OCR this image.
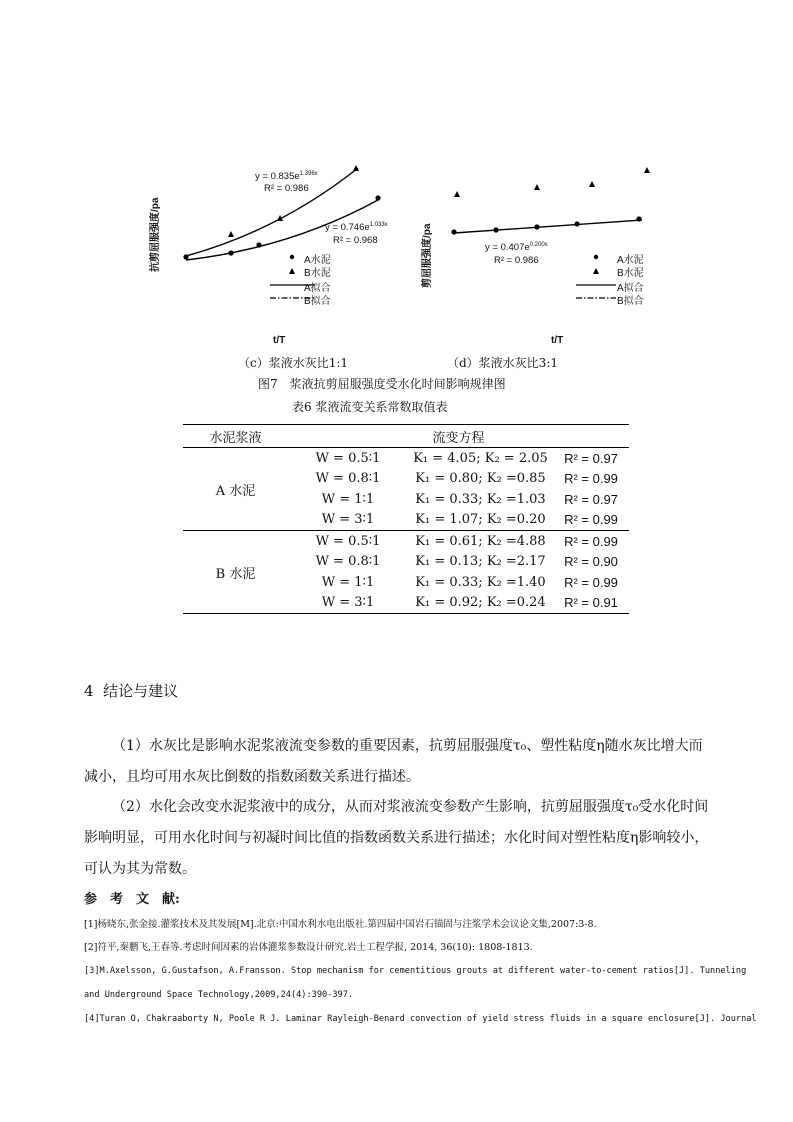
抗剪屈服强度/pa
$y = 0.835e^{1.396x}$
R² = 0.986
$y = 0.746e^{1.033x}$
R² = 0.968
A水泥
B水泥
A拟合
B拟合
t/T
（c）浆液水灰比1:1
剪屈服强度/pa	$y = 0.407e^{0.200x}$
R² = 0.986	A水泥
B水泥
A拟合
B拟合
t/T
（d）浆液水灰比3:1
图7　浆液抗剪屈服强度受水化时间影响规律图
表6 浆液流变关系常数取值表
水泥浆液	流变方程		
A 水泥	W = 0.5∶1	K₁ = 4.05; K₂ = 2.05	R² = 0.97
	W = 0.8∶1	K₁ = 0.80; K₂ =0.85	R² = 0.99
	W = 1∶1	K₁ = 0.33; K₂ =1.03	R² = 0.97
	W = 3∶1	K₁ = 1.07; K₂ =0.20	R² = 0.99
B 水泥	W = 0.5∶1	K₁ = 0.61; K₂ =4.88	R² = 0.99
	W = 0.8∶1	K₁ = 0.13; K₂ =2.17	R² = 0.90
	W = 1∶1	K₁ = 0.33; K₂ =1.40	R² = 0.99
	W = 3∶1	K₁ = 0.92; K₂ =0.24	R² = 0.91
4  结论与建议
（1）水灰比是影响水泥浆液流变参数的重要因素，抗剪屈服强度τ₀、塑性粘度η随水灰比增大而减小，且均可用水灰比倒数的指数函数关系进行描述。
（2）水化会改变水泥浆液中的成分，从而对浆液流变参数产生影响，抗剪屈服强度τ₀受水化时间影响明显，可用水化时间与初凝时间比值的指数函数关系进行描述；水化时间对塑性粘度η影响较小，可认为其为常数。
参　考　文　献:
[1]杨晓东,张金接.灌浆技术及其发展[M].北京:中国水利水电出版社.第四届中国岩石锚固与注浆学术会议论文集,2007:3-8.
[2]符平,秦鹏飞,王春等.考虑时间因素的岩体灌浆参数设计研究.岩土工程学报, 2014, 36(10): 1808-1813.
[3]M.Axelsson, G.Gustafson, A.Fransson. Stop mechanism for cementitious grouts at different water-to-cement ratios[J]. Tunneling
and Underground Space Technology,2009,24(4):390-397.
[4]Turan O, Chakraaborty N, Poole R J. Laminar Rayleigh-Benard convection of yield stress fluids in a square enclosure[J]. Journal
